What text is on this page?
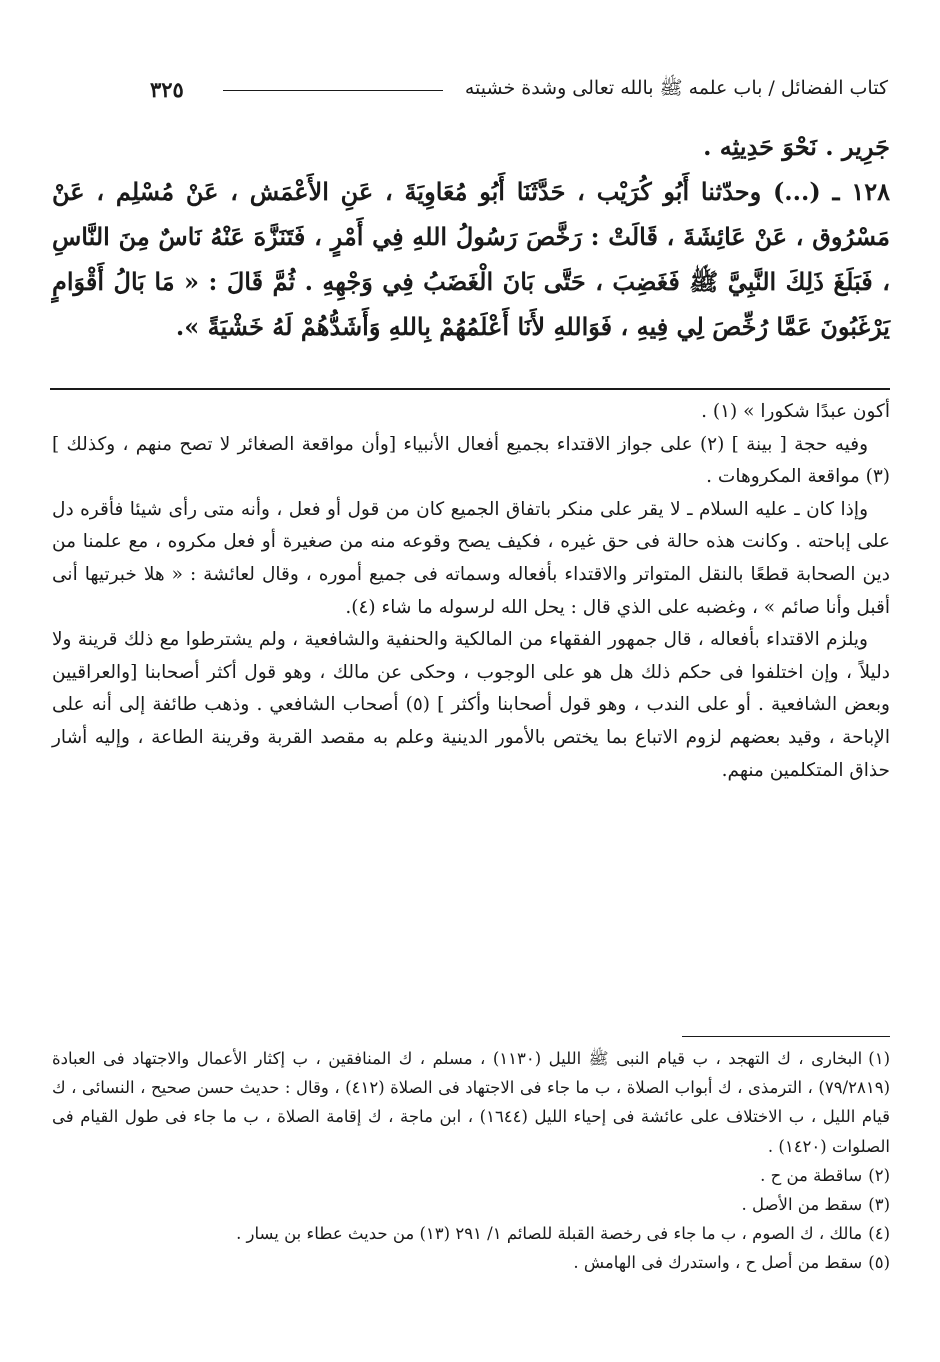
كتاب الفضائل / باب علمه ﷺ بالله تعالى وشدة خشيته
٣٢٥

جَرِير . نَحْوَ حَدِيثِه .

١٢٨ ـ (...) وحدّثنا أَبُو كُرَيْب ، حَدَّثَنَا أَبُو مُعَاوِيَةَ ، عَنِ الأَعْمَش ، عَنْ مُسْلِم ، عَنْ مَسْرُوق ، عَنْ عَائِشَةَ ، قَالَتْ : رَخَّصَ رَسُولُ اللهِ فِي أَمْرٍ ، فَتَنَزَّهَ عَنْهُ نَاسٌ مِنَ النَّاسِ ، فَبَلَغَ ذَلِكَ النَّبِيَّ ﷺ فَغَضِبَ ، حَتَّى بَانَ الْغَضَبُ فِي وَجْهِهِ . ثُمَّ قَالَ : « مَا بَالُ أَقْوَامٍ يَرْغَبُونَ عَمَّا رُخِّصَ لِي فِيهِ ، فَوَاللهِ لأَنَا أَعْلَمُهُمْ بِاللهِ وَأَشَدُّهُمْ لَهُ خَشْيَةً ».

أكون عبدًا شكورا » (١) .

وفيه حجة [ بينة ] (٢) على جواز الاقتداء بجميع أفعال الأنبياء [وأن مواقعة الصغائر لا تصح منهم ، وكذلك ] (٣) مواقعة المكروهات .

وإذا كان ـ عليه السلام ـ لا يقر على منكر باتفاق الجميع كان من قول أو فعل ، وأنه متى رأى شيئا فأقره دل على إباحته . وكانت هذه حالة فى حق غيره ، فكيف يصح وقوعه منه من صغيرة أو فعل مكروه ، مع علمنا من دين الصحابة قطعًا بالنقل المتواتر والاقتداء بأفعاله وسماته فى جميع أموره ، وقال لعائشة : « هلا خبرتيها أنى أقبل وأنا صائم » ، وغضبه على الذي قال : يحل الله لرسوله ما شاء (٤).

ويلزم الاقتداء بأفعاله ، قال جمهور الفقهاء من المالكية والحنفية والشافعية ، ولم يشترطوا مع ذلك قرينة ولا دليلاً ، وإن اختلفوا فى حكم ذلك هل هو على الوجوب ، وحكى عن مالك ، وهو قول أكثر أصحابنا [والعراقيين وبعض الشافعية . أو على الندب ، وهو قول أصحابنا وأكثر ] (٥) أصحاب الشافعي . وذهب طائفة إلى أنه على الإباحة ، وقيد بعضهم لزوم الاتباع بما يختص بالأمور الدينية وعلم به مقصد القربة وقرينة الطاعة ، وإليه أشار حذاق المتكلمين منهم.

(١)البخارى ، ك التهجد ، ب قيام النبى ﷺ الليل (١١٣٠) ، مسلم ، ك المنافقين ، ب إكثار الأعمال والاجتهاد فى العبادة (٧٩/٢٨١٩) ، الترمذى ، ك أبواب الصلاة ، ب ما جاء فى الاجتهاد فى الصلاة (٤١٢) ، وقال : حديث حسن صحيح ، النسائى ، ك قيام الليل ، ب الاختلاف على عائشة فى إحياء الليل (١٦٤٤) ، ابن ماجة ، ك إقامة الصلاة ، ب ما جاء فى طول القيام فى الصلوات (١٤٢٠) .

(٢)ساقطة من ح .

(٣)سقط من الأصل .

(٤)مالك ، ك الصوم ، ب ما جاء فى رخصة القبلة للصائم ١/ ٢٩١ (١٣) من حديث عطاء بن يسار .

(٥)سقط من أصل ح ، واستدرك فى الهامش .
